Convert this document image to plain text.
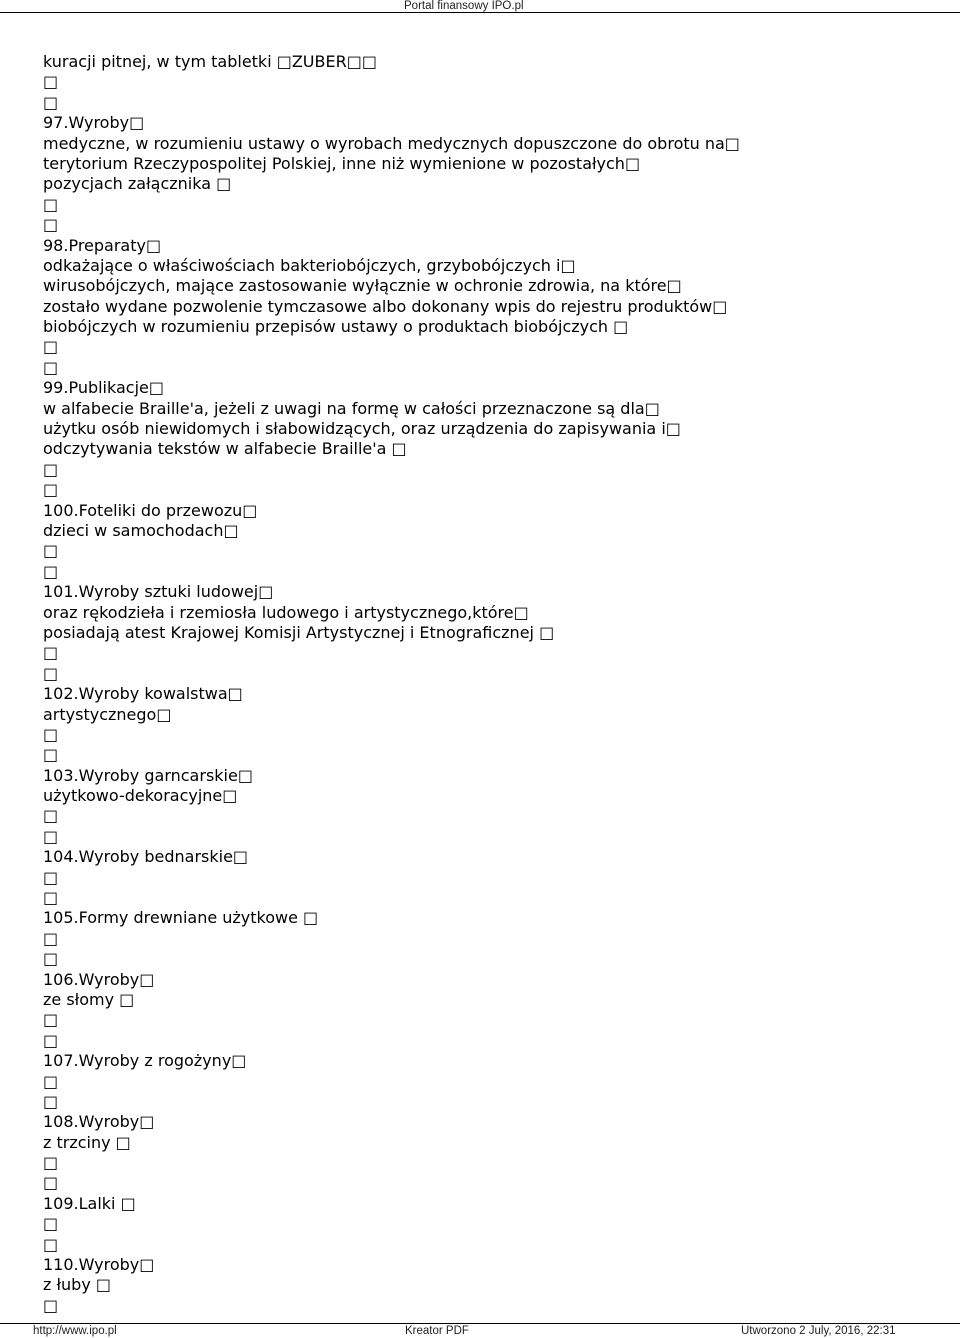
Portal finansowy IPO.pl
kuracji pitnej, w tym tabletki □ZUBER□□
□
□
97.Wyroby□
medyczne, w rozumieniu ustawy o wyrobach medycznych dopuszczone do obrotu na□
terytorium Rzeczypospolitej Polskiej, inne niż wymienione w pozostałych□
pozycjach załącznika □
□
□
98.Preparaty□
odkażające o właściwościach bakteriobójczych, grzybobójczych i□
wirusobójczych, mające zastosowanie wyłącznie w ochronie zdrowia, na które□
zostało wydane pozwolenie tymczasowe albo dokonany wpis do rejestru produktów□
biobójczych w rozumieniu przepisów ustawy o produktach biobójczych □
□
□
99.Publikacje□
w alfabecie Braille'a, jeżeli z uwagi na formę w całości przeznaczone są dla□
użytku osób niewidomych i słabowidzących, oraz urządzenia do zapisywania i□
odczytywania tekstów w alfabecie Braille'a □
□
□
100.Foteliki do przewozu□
dzieci w samochodach□
□
□
101.Wyroby sztuki ludowej□
oraz rękodzieła i rzemiosła ludowego i artystycznego,które□
posiadają atest Krajowej Komisji Artystycznej i Etnograficznej □
□
□
102.Wyroby kowalstwa□
artystycznego□
□
□
103.Wyroby garncarskie□
użytkowo-dekoracyjne□
□
□
104.Wyroby bednarskie□
□
□
105.Formy drewniane użytkowe □
□
□
106.Wyroby□
ze słomy □
□
□
107.Wyroby z rogożyny□
□
□
108.Wyroby□
z trzciny □
□
□
109.Lalki □
□
□
110.Wyroby□
z łuby □
□
http://www.ipo.pl	Kreator PDF	Utworzono 2 July, 2016, 22:31
